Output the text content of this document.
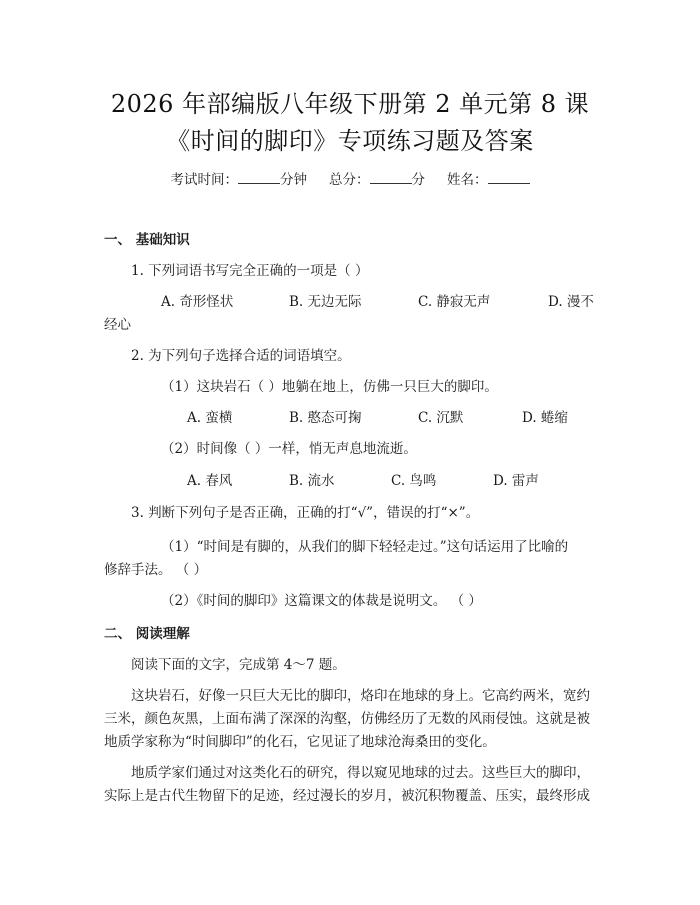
2026 年部编版八年级下册第 2 单元第 8 课
《时间的脚印》专项练习题及答案
考试时间：	分钟 总分：	分 姓名：
一、 基础知识
1. 下列词语书写完全正确的一项是（ ）
A. 奇形怪状	B. 无边无际	C. 静寂无声	D. 漫不
经心
2. 为下列句子选择合适的词语填空。
（1）这块岩石（ ）地躺在地上，仿佛一只巨大的脚印。
A. 蛮横	B. 憨态可掬	C. 沉默	D. 蜷缩
（2）时间像（ ）一样，悄无声息地流逝。
A. 春风	B. 流水	C. 鸟鸣	D. 雷声
3. 判断下列句子是否正确，正确的打“√”，错误的打“×”。
（1）“时间是有脚的，从我们的脚下轻轻走过。”这句话运用了比喻的
修辞手法。 （ ）
（2）《时间的脚印》这篇课文的体裁是说明文。 （ ）
二、 阅读理解
阅读下面的文字，完成第 4～7 题。
这块岩石，好像一只巨大无比的脚印，烙印在地球的身上。它高约两米，宽约
三米，颜色灰黑，上面布满了深深的沟壑，仿佛经历了无数的风雨侵蚀。这就是被
地质学家称为“时间脚印”的化石，它见证了地球沧海桑田的变化。
地质学家们通过对这类化石的研究，得以窥见地球的过去。这些巨大的脚印，
实际上是古代生物留下的足迹，经过漫长的岁月，被沉积物覆盖、压实，最终形成
